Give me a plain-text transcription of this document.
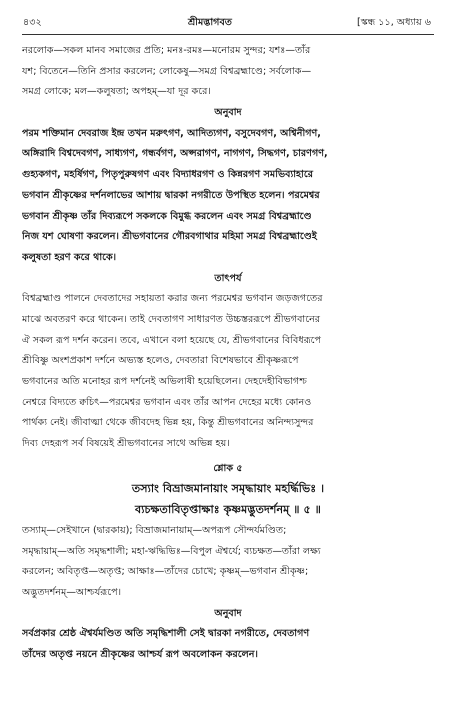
৪৩২	শ্রীমদ্ভাগবত	[স্কন্ধ ১১, অধ্যায় ৬
নরলোক—সকল মানব সমাজের প্রতি; মনঃ-রমঃ—মনোরম সুন্দর; যশঃ—তাঁর
যশ; বিতেনে—তিনি প্রসার করলেন; লোকেষু—সমগ্র বিশ্বব্রহ্মাণ্ডে; সর্বলোক—
সমগ্র লোকে; মল—কলুষতা; অপহম্—যা দূর করে।
অনুবাদ
পরম শক্তিমান দেবরাজ ইন্দ্র তখন মরুৎগণ, আদিত্যগণ, বসুদেবগণ, অশ্বিনীগণ,
অঙ্গিরাদি বিশ্বদেবগণ, সাধ্যগণ, গন্ধর্বগণ, অপ্সরাগণ, নাগগণ, সিদ্ধগণ, চারণগণ,
গুহ্যকগণ, মহর্ষিগণ, পিতৃপুরুষগণ এবং বিদ্যাধরগণ ও কিন্নরগণ সমভিব্যাহারে
ভগবান শ্রীকৃষ্ণের দর্শনলাভের আশায় দ্বারকা নগরীতে উপস্থিত হলেন। পরমেশ্বর
ভগবান শ্রীকৃষ্ণ তাঁর দিব্যরূপে সকলকে বিমুগ্ধ করলেন এবং সমগ্র বিশ্বব্রহ্মাণ্ডে
নিজ যশ ঘোষণা করলেন। শ্রীভগবানের গৌরবগাথার মহিমা সমগ্র বিশ্বব্রহ্মাণ্ডেই
কলুষতা হরণ করে থাকে।
তাৎপর্য
বিশ্বব্রহ্মাণ্ড পালনে দেবতাদের সহায়তা করার জন্য পরমেশ্বর ভগবান জড়জগতের
মাঝে অবতরণ করে থাকেন। তাই দেবতাগণ সাধারণত উচ্চস্তররূপে শ্রীভগবানের
ঐ সকল রূপ দর্শন করেন। তবে, এখানে বলা হয়েছে যে, শ্রীভগবানের বিবিধরূপে
শ্রীবিষ্ণু অংশপ্রকাশ দর্শনে অভ্যস্ত হলেও, দেবতারা বিশেষভাবে শ্রীকৃষ্ণরূপে
ভগবানের অতি মনোহর রূপ দর্শনেই অভিলাষী হয়েছিলেন। দেহদেহীবিভাগশ্চ
নেশ্বরে বিদ্যতে ক্বচিৎ—পরমেশ্বর ভগবান এবং তাঁর আপন দেহের মধ্যে কোনও
পার্থক্য নেই। জীবাত্মা থেকে জীবদেহ ভিন্ন হয়, কিন্তু শ্রীভগবানের অনিন্দ্যসুন্দর
দিব্য দেহরূপ সর্ব বিষয়েই শ্রীভগবানের সাথে অভিন্ন হয়।
শ্লোক ৫
তস্যাং বিভ্রাজমানায়াং সমৃদ্ধায়াং মহর্দ্ধিভিঃ ।
ব্যচক্ষতাবিতৃপ্তাক্ষাঃ কৃষ্ণমদ্ভুতদর্শনম্ ॥ ৫ ॥
তস্যাম্—সেইখানে (দ্বারকায়); বিভ্রাজমানায়াম্—অপরূপ সৌন্দর্যমণ্ডিত;
সমৃদ্ধায়াম্—অতি সমৃদ্ধশালী; মহা-ঋদ্ধিভিঃ—বিপুল ঐশ্বর্যে; ব্যচক্ষত—তাঁরা লক্ষ্য
করলেন; অবিতৃপ্ত—অতৃপ্ত; আক্ষাঃ—তাঁদের চোখে; কৃষ্ণম্—ভগবান শ্রীকৃষ্ণ;
অদ্ভুতদর্শনম্—আশ্চর্যরূপে।
অনুবাদ
সর্বপ্রকার শ্রেষ্ঠ ঐশ্বর্যমণ্ডিত অতি সমৃদ্ধিশালী সেই দ্বারকা নগরীতে, দেবতাগণ
তাঁদের অতৃপ্ত নয়নে শ্রীকৃষ্ণের আশ্চর্য রূপ অবলোকন করলেন।
